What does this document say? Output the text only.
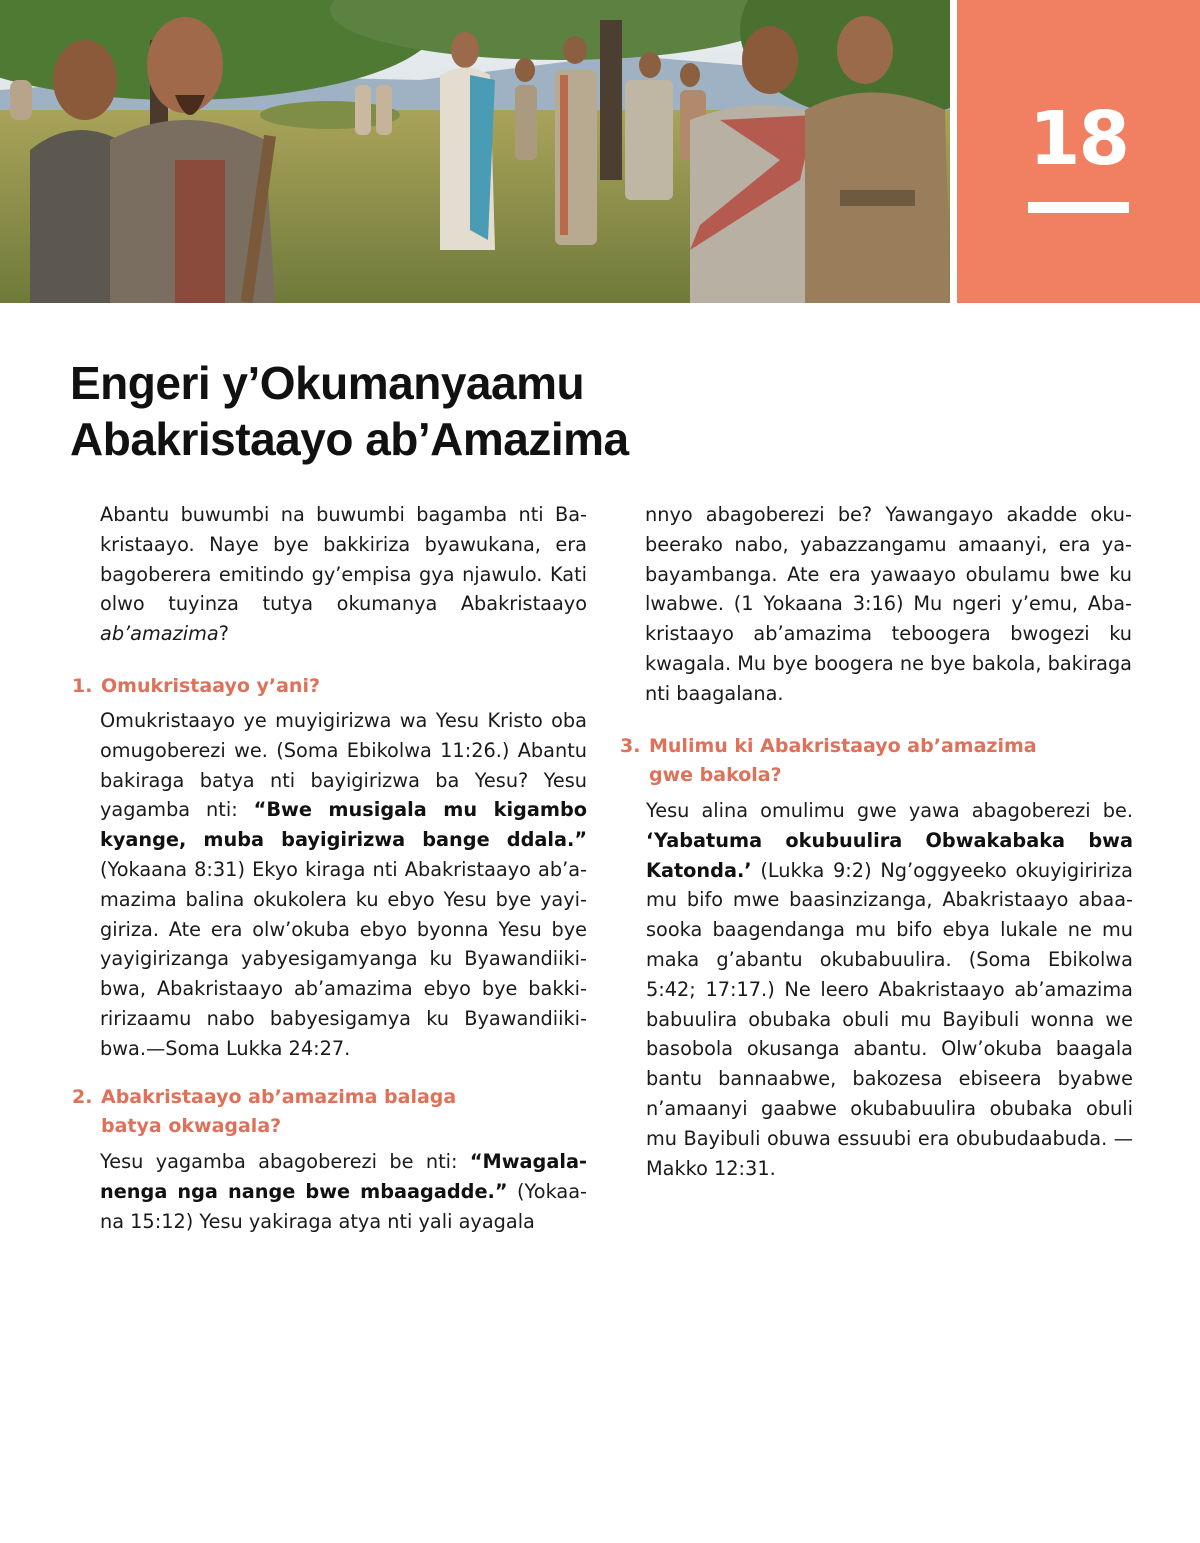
18
Engeri y’Okumanyaamu
Abakristaayo ab’Amazima

Abantu buwumbi na buwumbi bagamba nti Bakristaayo. Naye bye bakkiriza byawukana, era bagoberera emitindo gy’empisa gya njawulo. Kati olwo tuyinza tutya okumanya Abakristaayo ab’amazima?

1. Omukristaayo y’ani?

Omukristaayo ye muyigirizwa wa Yesu Kristo oba omugoberezi we. (Soma Ebikolwa 11:26.) Abantu bakiraga batya nti bayigirizwa ba Yesu? Yesu yagamba nti: “Bwe musigala mu kigambo kyange, muba bayigirizwa bange ddala.” (Yokaana 8:31) Ekyo kiraga nti Abakristaayo ab’amazima balina okukolera ku ebyo Yesu bye yayigiriza. Ate era olw’okuba ebyo byonna Yesu bye yayigirizanga yabyesigamyanga ku Byawandiikibwa, Abakristaayo ab’amazima ebyo bye bakkiririzaamu nabo babyesigamya ku Byawandiikibwa.—Soma Lukka 24:27.

2. Abakristaayo ab’amazima balaga batya okwagala?

Yesu yagamba abagoberezi be nti: “Mwagalanenga nga nange bwe mbaagadde.” (Yokaana 15:12) Yesu yakiraga atya nti yali ayagala

nnyo abagoberezi be? Yawangayo akadde okubeerako nabo, yabazzangamu amaanyi, era yabayambanga. Ate era yawaayo obulamu bwe ku lwabwe. (1 Yokaana 3:16) Mu ngeri y’emu, Abakristaayo ab’amazima teboogera bwogezi ku kwagala. Mu bye boogera ne bye bakola, bakiraga nti baagalana.

3. Mulimu ki Abakristaayo ab’amazima gwe bakola?

Yesu alina omulimu gwe yawa abagoberezi be. ‘Yabatuma okubuulira Obwakabaka bwa Katonda.’ (Lukka 9:2) Ng’oggyeeko okuyigiririza mu bifo mwe baasinzizanga, Abakristaayo abaasooka baagendanga mu bifo ebya lukale ne mu maka g’abantu okubabuulira. (Soma Ebikolwa 5:42; 17:17.) Ne leero Abakristaayo ab’amazima babuulira obubaka obuli mu Bayibuli wonna we basobola okusanga abantu. Olw’okuba baagala bantu bannaabwe, bakozesa ebiseera byabwe n’amaanyi gaabwe okubabuulira obubaka obuli mu Bayibuli obuwa essuubi era obubudaabuda. —Makko 12:31.
